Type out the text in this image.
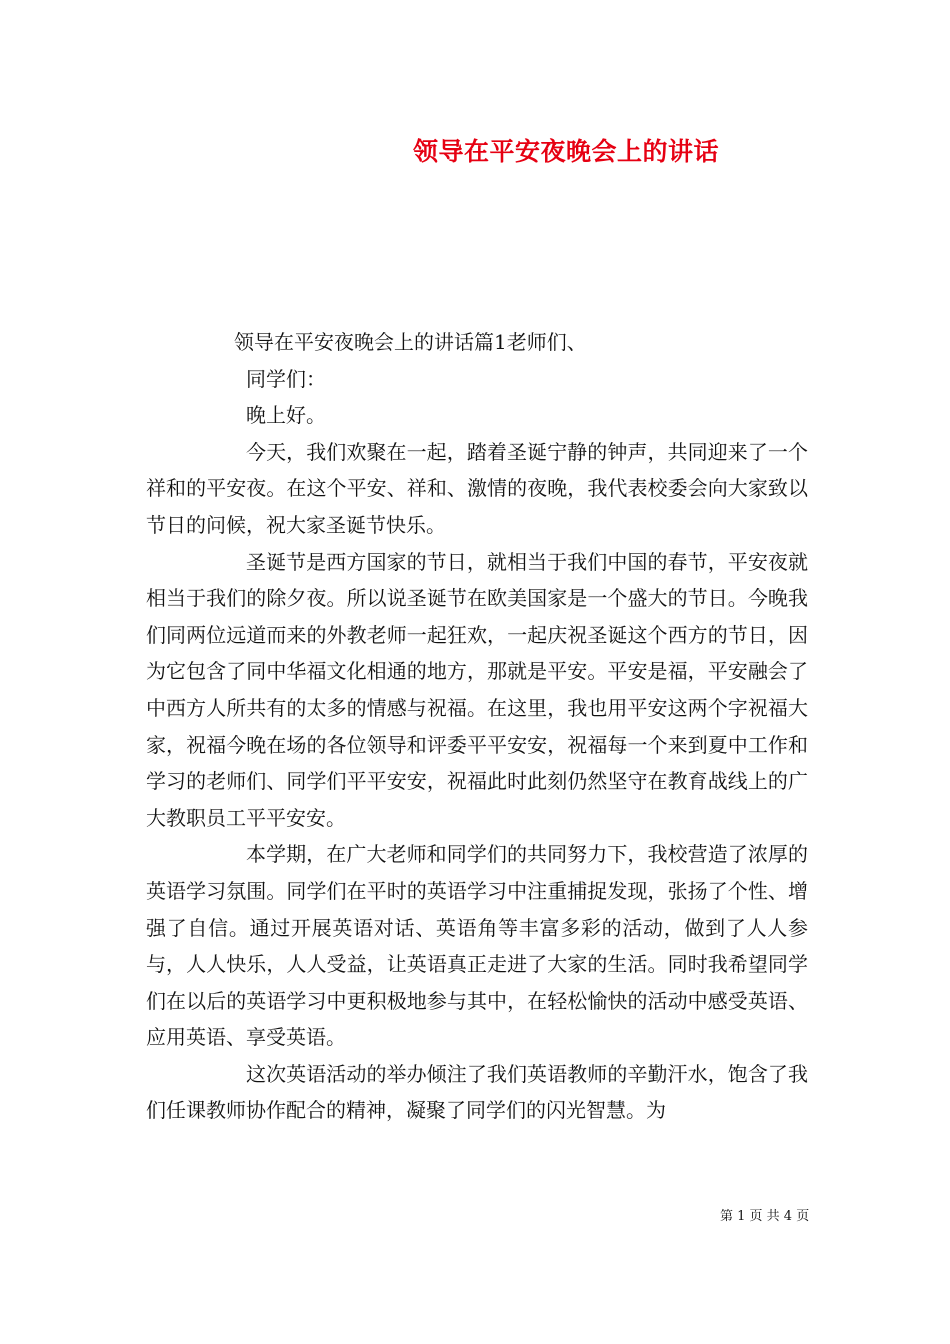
领导在平安夜晚会上的讲话

领导在平安夜晚会上的讲话篇1老师们、

同学们：

晚上好。

今天，我们欢聚在一起，踏着圣诞宁静的钟声，共同迎来了一个祥和的平安夜。在这个平安、祥和、激情的夜晚，我代表校委会向大家致以节日的问候，祝大家圣诞节快乐。

圣诞节是西方国家的节日，就相当于我们中国的春节，平安夜就相当于我们的除夕夜。所以说圣诞节在欧美国家是一个盛大的节日。今晚我们同两位远道而来的外教老师一起狂欢，一起庆祝圣诞这个西方的节日，因为它包含了同中华福文化相通的地方，那就是平安。平安是福，平安融会了中西方人所共有的太多的情感与祝福。在这里，我也用平安这两个字祝福大家，祝福今晚在场的各位领导和评委平平安安，祝福每一个来到夏中工作和学习的老师们、同学们平平安安，祝福此时此刻仍然坚守在教育战线上的广大教职员工平平安安。

本学期，在广大老师和同学们的共同努力下，我校营造了浓厚的英语学习氛围。同学们在平时的英语学习中注重捕捉发现，张扬了个性、增强了自信。通过开展英语对话、英语角等丰富多彩的活动，做到了人人参与，人人快乐，人人受益，让英语真正走进了大家的生活。同时我希望同学们在以后的英语学习中更积极地参与其中，在轻松愉快的活动中感受英语、应用英语、享受英语。

这次英语活动的举办倾注了我们英语教师的辛勤汗水，饱含了我们任课教师协作配合的精神，凝聚了同学们的闪光智慧。为

第 1 页 共 4 页
